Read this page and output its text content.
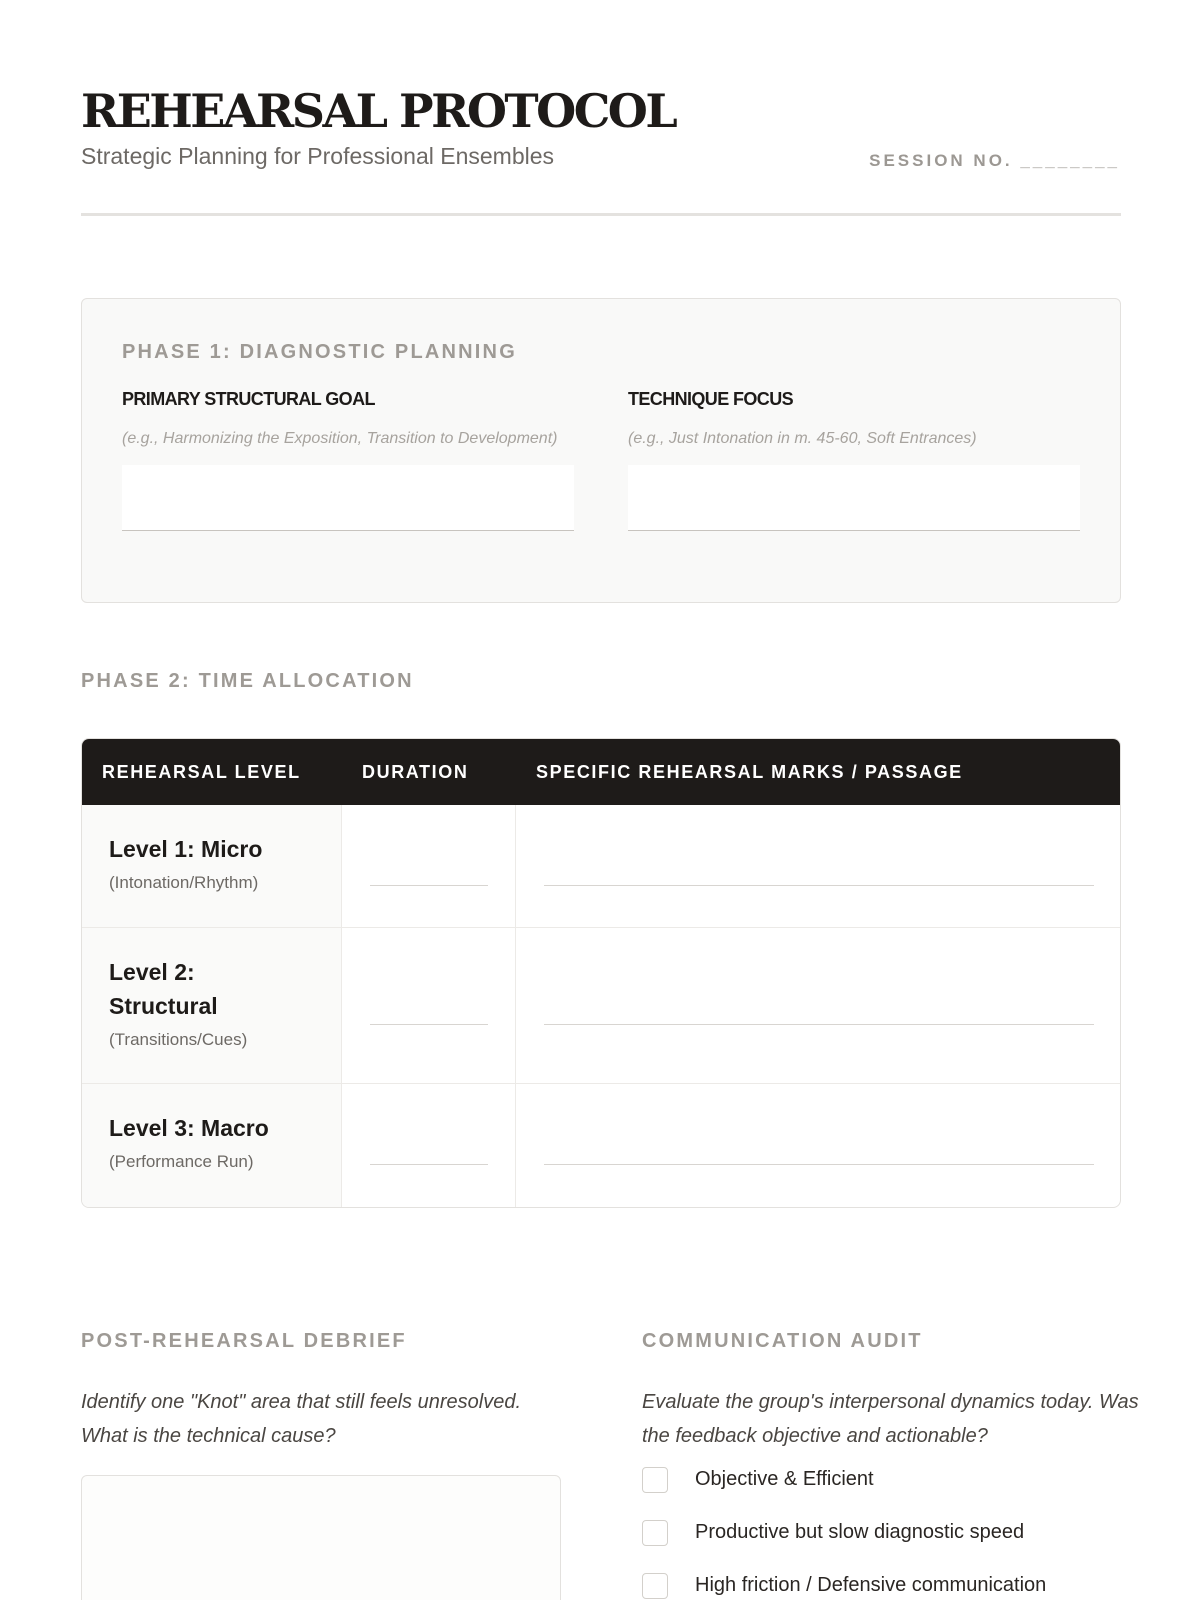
REHEARSAL PROTOCOL
Strategic Planning for Professional Ensembles	SESSION NO. ________
PHASE 1: DIAGNOSTIC PLANNING
PRIMARY STRUCTURAL GOAL
(e.g., Harmonizing the Exposition, Transition to Development)
TECHNIQUE FOCUS
(e.g., Just Intonation in m. 45-60, Soft Entrances)
PHASE 2: TIME ALLOCATION
REHEARSAL LEVEL	DURATION	SPECIFIC REHEARSAL MARKS / PASSAGE
Level 1: Micro
(Intonation/Rhythm)
Level 2: Structural
(Transitions/Cues)
Level 3: Macro
(Performance Run)
POST-REHEARSAL DEBRIEF
Identify one "Knot" area that still feels unresolved. What is the technical cause?
COMMUNICATION AUDIT
Evaluate the group's interpersonal dynamics today. Was the feedback objective and actionable?
Objective & Efficient
Productive but slow diagnostic speed
High friction / Defensive communication
